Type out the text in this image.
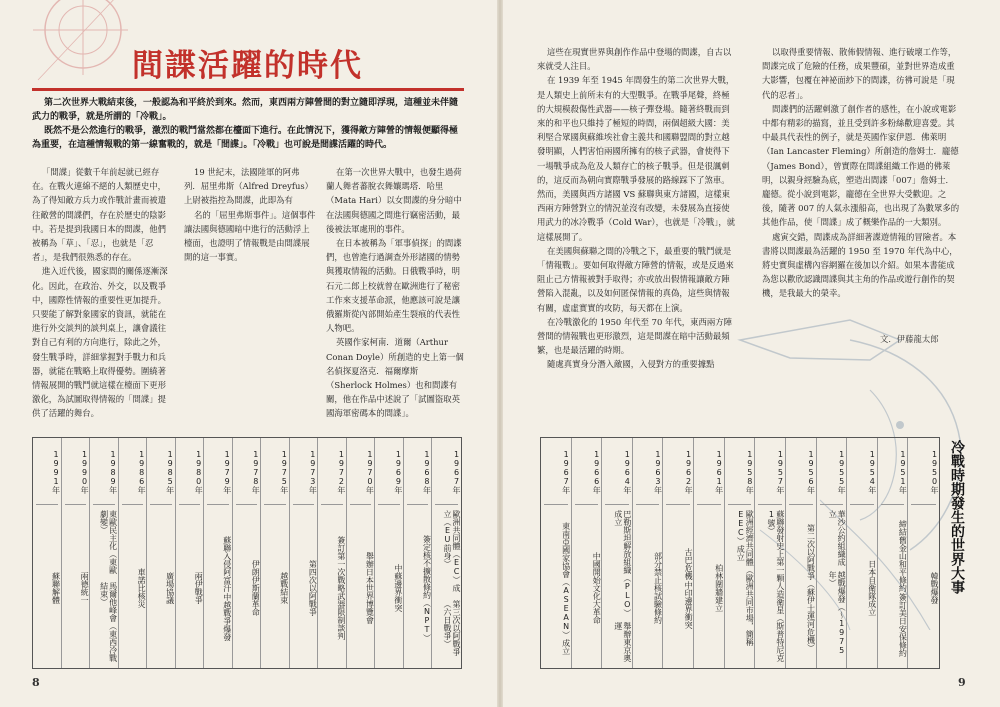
間諜活躍的時代

第二次世界大戰結束後，一般認為和平終於到來。然而，東西兩方陣營間的對立隨即浮現，這種並未伴隨武力的戰爭，就是所謂的「冷戰」。

既然不是公然進行的戰爭，激烈的戰鬥當然都在檯面下進行。在此情況下，獲得敵方陣營的情報便顯得極為重要，在這種情報戰的第一線奮戰的，就是「間諜」。「冷戰」也可說是間諜活躍的時代。

「間諜」從數千年前起就已經存在。在戰火連綿不絕的人類歷史中，為了得知敵方兵力或作戰計畫而被遣往敵營的間諜們，存在於歷史的陰影中。若是提到我國日本的間諜，他們被稱為「草」、「忍」，也就是「忍者」，是我們很熟悉的存在。

進入近代後，國家間的關係逐漸深化。因此，在政治、外交，以及戰爭中，國際性情報的重要性更加提升。只要能了解對象國家的資訊，就能在進行外交談判的談判桌上，讓會議往對自己有利的方向進行，除此之外，發生戰爭時，詳細掌握對手戰力和兵器，就能在戰略上取得優勢。圍繞著情報展開的戰鬥就這樣在檯面下更形激化，為試圖取得情報的「間諜」提供了活躍的舞台。

19 世紀末，法國陸軍的阿弗列．屈里弗斯（Alfred Dreyfus）上尉被指控為間諜，此即為有

名的「屈里弗斯事件」。這個事件讓法國與德國暗中進行的活動浮上檯面，也證明了情報戰是由間諜展開的這一事實。

在第一次世界大戰中，也發生過荷蘭人舞者蕃脫衣舞孃瑪塔．哈里（Mata Hari）以女間諜的身分暗中在法國與德國之間進行竊密活動，最後被法軍處刑的事件。

在日本被稱為「軍事偵探」的間諜們，也曾進行過調查外形諸國的情勢與獲取情報的活動。日俄戰爭時，明石元二郎上校就曾在歐洲進行了秘密工作來支援革命派，他應該可說是讓俄羅斯從內部開始產生裂痕的代表性人物吧。

英國作家柯南．道爾（Arthur Conan Doyle）所創造的史上第一個名偵探夏洛克．福爾摩斯（Sherlock Holmes）也和間諜有關，他在作品中述說了「試圖盜取英國海軍密碼本的間諜」。

1991年
蘇聯解體
1990年
兩德統一
1989年
東歐民主化（東歐劇變）
馬爾他峰會（東西冷戰結束）
1986年
車諾比核災
1985年
廣場協議
1980年
兩伊戰爭
1979年
蘇聯入侵阿富汗
中越戰爭爆發
1978年
伊朗伊斯蘭革命
1975年
越戰結束
1973年
第四次以阿戰爭
1972年
簽訂第一次戰略武器限制談判
1970年
舉辦日本世界博覽會
1969年
中蘇邊界衝突
1968年
簽定核不擴散條約（NPT）
1967年
歐洲共同體（EC）成立（EU前身）
第三次以阿戰爭（六日戰爭）
8

這些在現實世界與創作作品中登場的間諜，自古以來就受人注目。

在 1939 年至 1945 年間發生的第二次世界大戰，是人類史上前所未有的大型戰爭。在戰爭尾聲，終極的大規模殺傷性武器——核子彈登場。隨著終戰而到來的和平也只維持了極短的時間，兩個超級大國：美利堅合眾國與蘇維埃社會主義共和國聯盟間的對立越發明顯，人們害怕兩國所擁有的核子武器，會使得下一場戰爭成為危及人類存亡的核子戰爭。但是很諷刺的，這反而為朝向實際戰爭發展的路線踩下了煞車。然而，美國與西方諸國 VS 蘇聯與東方諸國，這樣東西兩方陣營對立的情況並沒有改變，未發展為直接使用武力的冰冷戰爭（Cold War），也就是「冷戰」，就這樣展開了。

在美國與蘇聯之間的冷戰之下，最重要的戰鬥就是「情報戰」。要如何取得敵方陣營的情報，或是反過來阻止己方情報被對手取得；亦或放出假情報讓敵方陣營陷入混亂，以及如何匿保情報的真偽，這些與情報有關，虛虛實實的攻防，每天都在上演。

在冷戰激化的 1950 年代至 70 年代，東西兩方陣營間的情報戰也更形激烈，這是間諜在暗中活動最頻繁，也是最活躍的時期。

隨處真實身分潛入敵國，入侵對方的重要據點

以取得重要情報、散佈假情報、進行破壞工作等，間諜完成了危險的任務，成果豐碩，並對世界造成重大影響，包覆在神祕面紗下的間諜，彷彿可說是「現代的忍者」。

間諜們的活躍刺激了創作者的感性，在小說或電影中都有精彩的描寫，並且受到許多粉絲歡迎喜愛。其中最具代表性的例子，就是英國作家伊恩．佛萊明（Ian Lancaster Fleming）所創造的詹姆士．龐德（James Bond），曾實際在間諜組織工作過的佛萊明，以親身經驗為底，塑造出間諜「007」詹姆士．龐德。從小說到電影，龐德在全世界大受歡迎。之後，隨著 007 的人氣永漲船高，也出現了為數眾多的其他作品，使「間諜」成了概樂作品的一大類別。

處寅交錯，間諜成為詳細著諜遊情報的冒險者。本書將以間諜最為活躍的 1950 至 1970 年代為中心，將史實與虛構內容網羅在後加以介紹。如果本書能成為您以歡欣認識間諜與其主角的作品或遊行創作的契機，是我最大的榮幸。

文．伊藤龍太郎
1967年
東南亞國家協會（ASEAN）成立
1966年
中國開始文化大革命
1964年
巴勒斯坦解放組織（PLO）成立
舉辦東京奧運
1963年
部分禁止核試驗條約
1962年
古巴危機
中印邊界衝突
1961年
柏林圍牆建立
1958年
歐洲經濟共同體（歐洲共同市場，簡稱EEC）成立
1957年
蘇聯發射史上第一顆人造衛星（斯普特尼克1號）
1956年
第二次以阿戰爭（蘇伊士運河危機）
1955年
華沙公約組織成立
越戰爆發（～1975年）
1954年
日本自衛隊成立
1951年
締結舊金山和平條約
簽訂美日安保條約
1950年
韓戰爆發 冷戰時期發生的世界大事
9
